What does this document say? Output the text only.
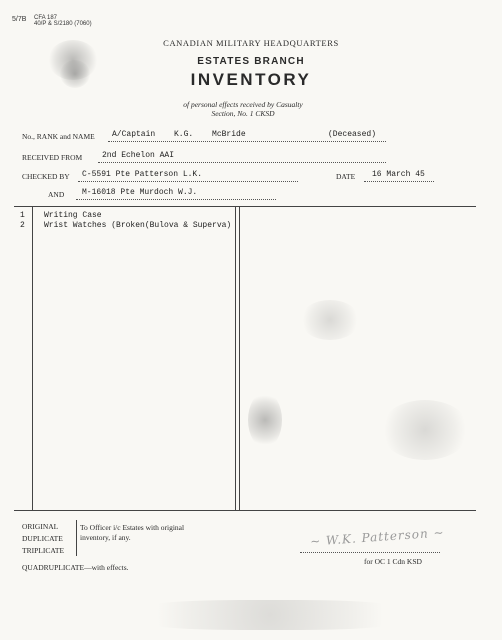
5/7B CFA 187
40/P & S/2180 (7060)
CANADIAN MILITARY HEADQUARTERS
ESTATES BRANCH
INVENTORY
of personal effects received by Casualty Section, No. 1 CKSD
No., RANK and NAME A/Captain K.G. McBride	(Deceased)
RECEIVED FROM 2nd Echelon AAI
CHECKED BY C-5591 Pte Patterson L.K.	DATE 16 March 45
AND M-16018 Pte Murdoch W.J.
1 Writing Case
2 Wrist Watches (Broken(Bulova & Superva)
ORIGINAL
DUPLICATE
TRIPLICATE
To Officer i/c Estates with original inventory, if any.
QUADRUPLICATE—with effects.
~ W.K. Patterson ~
for OC 1 Cdn KSD
